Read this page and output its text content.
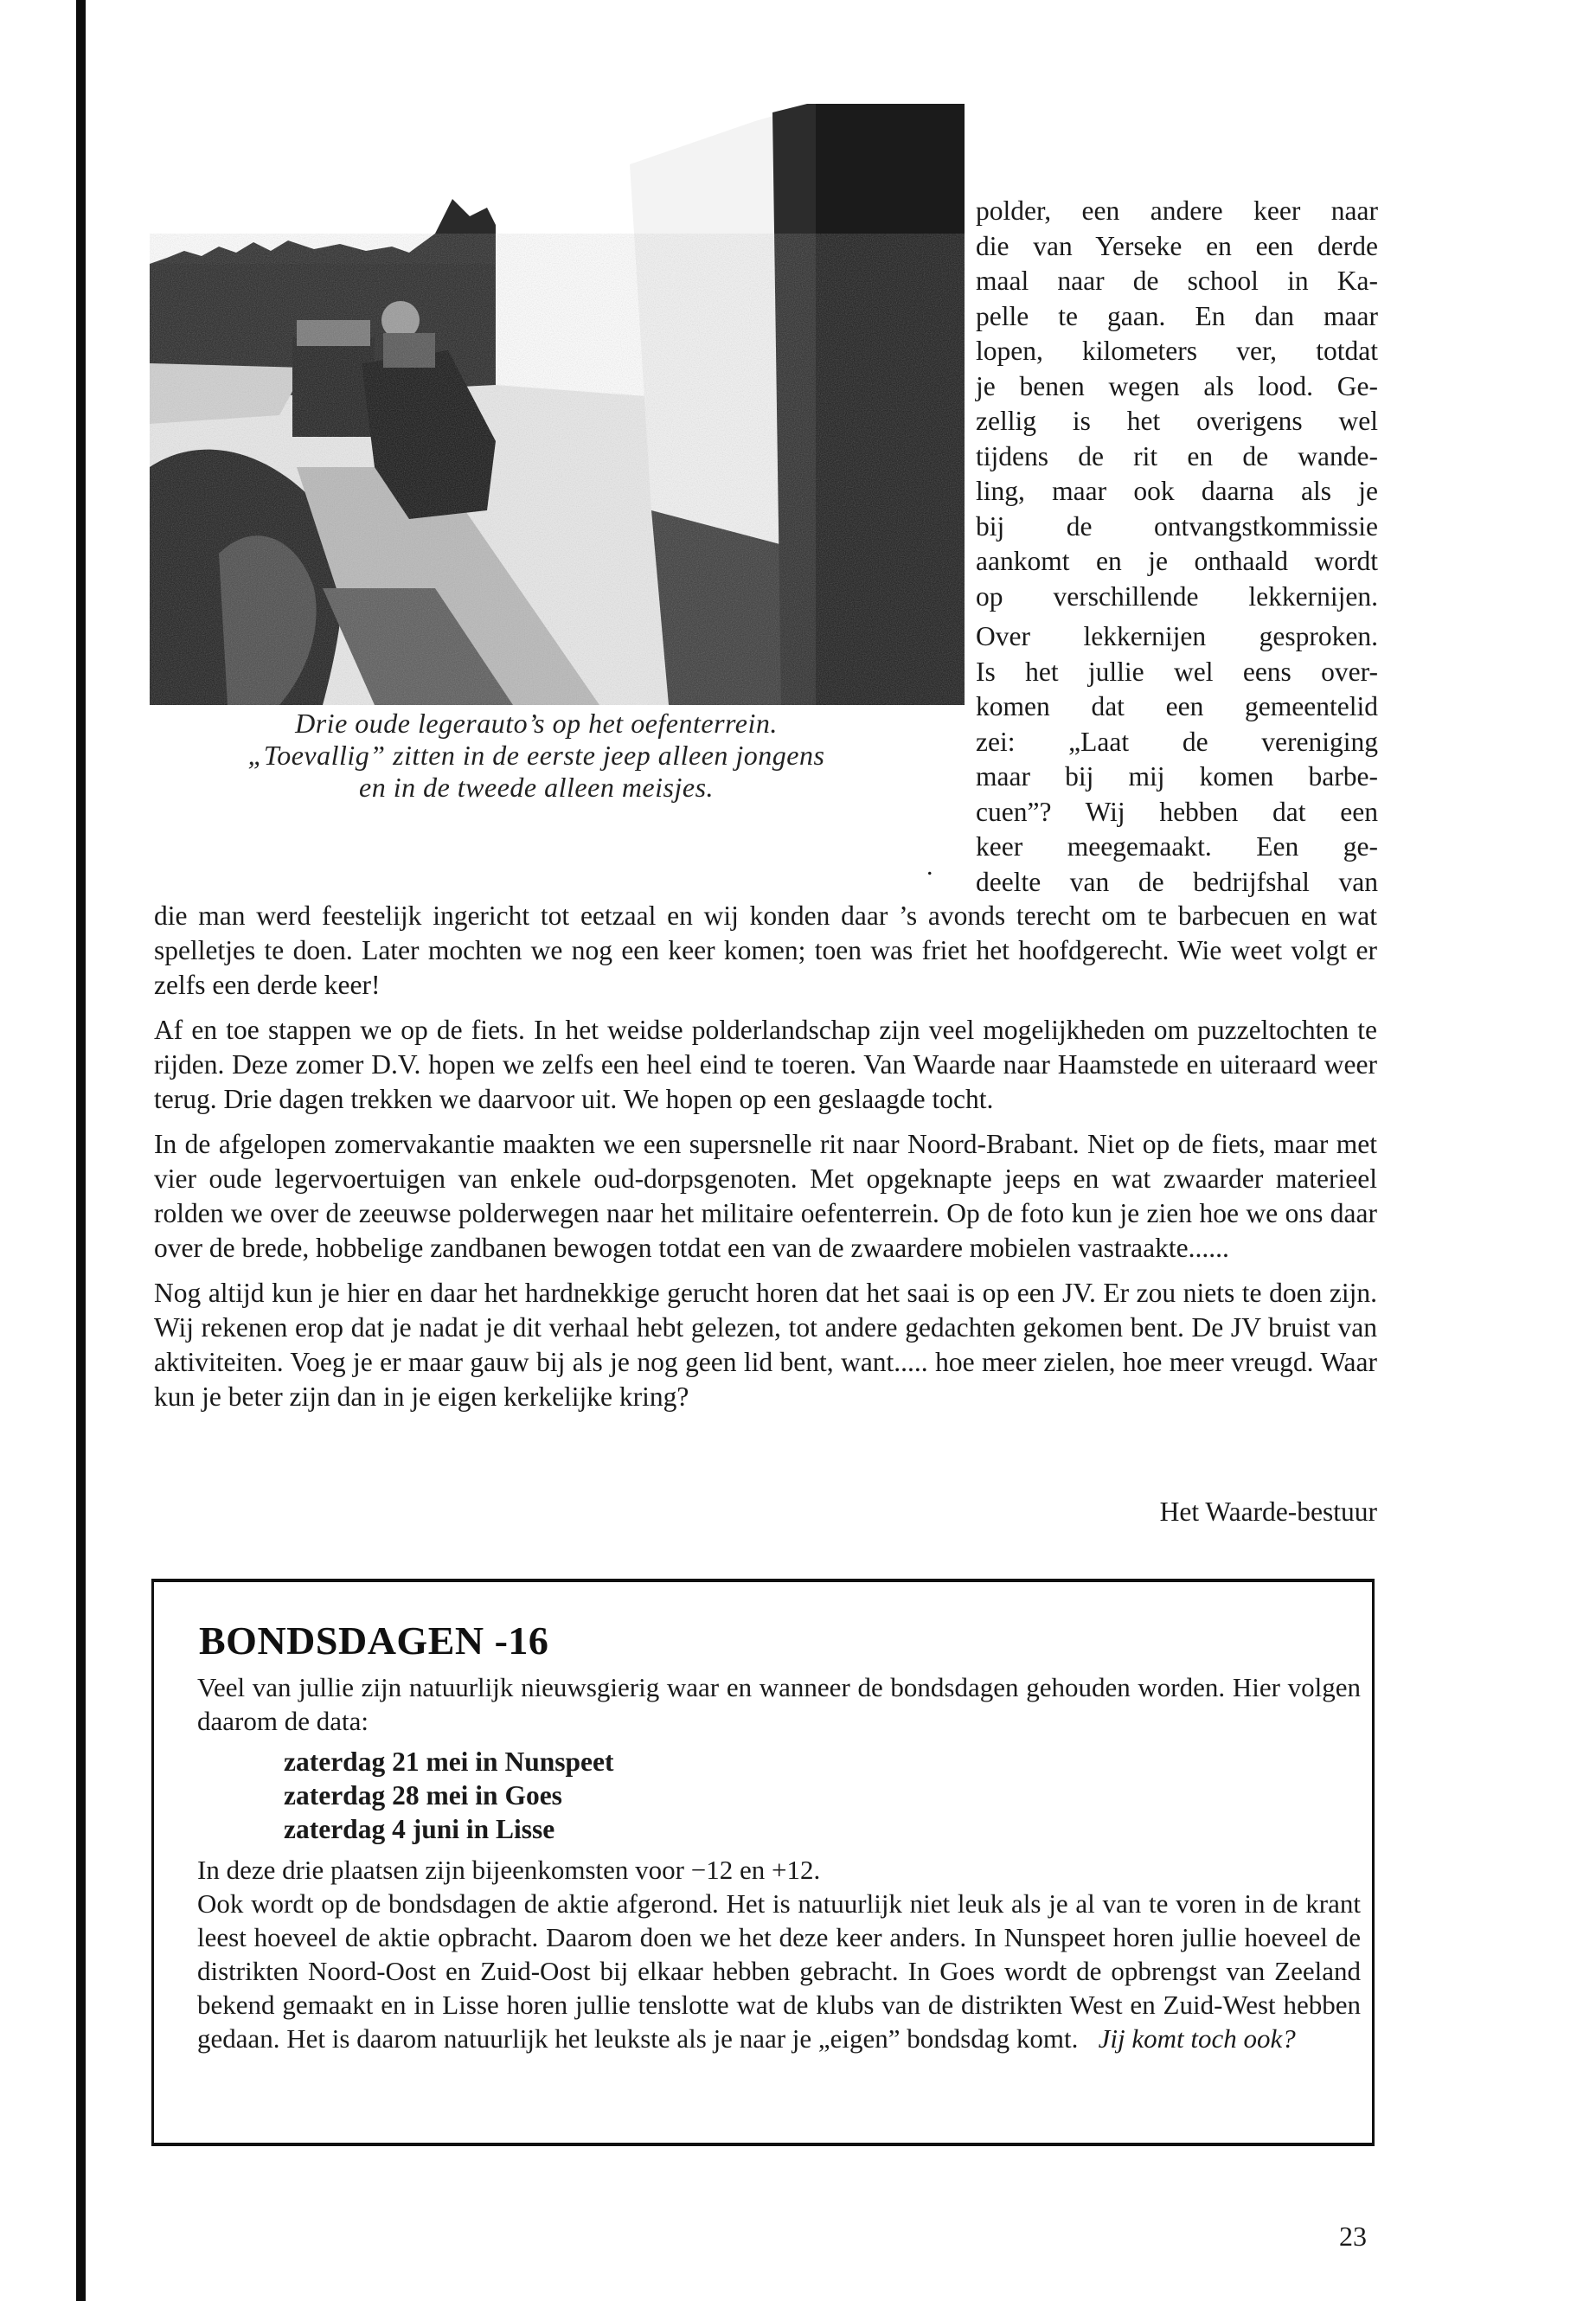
Drie oude legerauto’s op het oefenterrein.
„Toevallig” zitten in de eerste jeep alleen jongens
en in de tweede alleen meisjes.

polder, een andere keer naar
die van Yerseke en een derde
maal naar de school in Ka-
pelle te gaan. En dan maar
lopen, kilometers ver, totdat
je benen wegen als lood. Ge-
zellig is het overigens wel
tijdens de rit en de wande-
ling, maar ook daarna als je
bij de ontvangstkommissie
aankomt en je onthaald wordt
op verschillende lekkernijen.

Over lekkernijen gesproken.
Is het jullie wel eens over-
komen dat een gemeentelid
zei: „Laat de vereniging
maar bij mij komen barbe-
cuen”? Wij hebben dat een
keer meegemaakt. Een ge-
deelte van de bedrijfshal van

.

die man werd feestelijk ingericht tot eetzaal en wij konden daar ’s avonds terecht om te barbecuen en wat spelletjes te doen. Later mochten we nog een keer komen; toen was friet het hoofdgerecht. Wie weet volgt er zelfs een derde keer!

Af en toe stappen we op de fiets. In het weidse polderlandschap zijn veel mogelijkheden om puzzeltochten te rijden. Deze zomer D.V. hopen we zelfs een heel eind te toeren. Van Waarde naar Haamstede en uiteraard weer terug. Drie dagen trekken we daarvoor uit. We hopen op een geslaagde tocht.

In de afgelopen zomervakantie maakten we een supersnelle rit naar Noord-Brabant. Niet op de fiets, maar met vier oude legervoertuigen van enkele oud-dorpsgenoten. Met opgeknapte jeeps en wat zwaarder materieel rolden we over de zeeuwse polderwegen naar het militaire oefenterrein. Op de foto kun je zien hoe we ons daar over de brede, hobbelige zandbanen bewogen totdat een van de zwaardere mobielen vastraakte......

Nog altijd kun je hier en daar het hardnekkige gerucht horen dat het saai is op een JV. Er zou niets te doen zijn. Wij rekenen erop dat je nadat je dit verhaal hebt gelezen, tot andere gedachten gekomen bent. De JV bruist van aktiviteiten. Voeg je er maar gauw bij als je nog geen lid bent, want..... hoe meer zielen, hoe meer vreugd. Waar kun je beter zijn dan in je eigen kerkelijke kring?

Het Waarde-bestuur
BONDSDAGEN -16

Veel van jullie zijn natuurlijk nieuwsgierig waar en wanneer de bondsdagen gehouden worden. Hier volgen daarom de data:

zaterdag 21 mei in Nunspeet
zaterdag 28 mei in Goes
zaterdag 4 juni in Lisse

In deze drie plaatsen zijn bijeenkomsten voor −12 en +12.

Ook wordt op de bondsdagen de aktie afgerond. Het is natuurlijk niet leuk als je al van te voren in de krant leest hoeveel de aktie opbracht. Daarom doen we het deze keer anders. In Nunspeet horen jullie hoeveel de distrikten Noord-Oost en Zuid-Oost bij elkaar hebben gebracht. In Goes wordt de opbrengst van Zeeland bekend gemaakt en in Lisse horen jullie tenslotte wat de klubs van de distrikten West en Zuid-West hebben gedaan. Het is daarom natuurlijk het leukste als je naar je „eigen” bondsdag komt. Jij komt toch ook?

23
